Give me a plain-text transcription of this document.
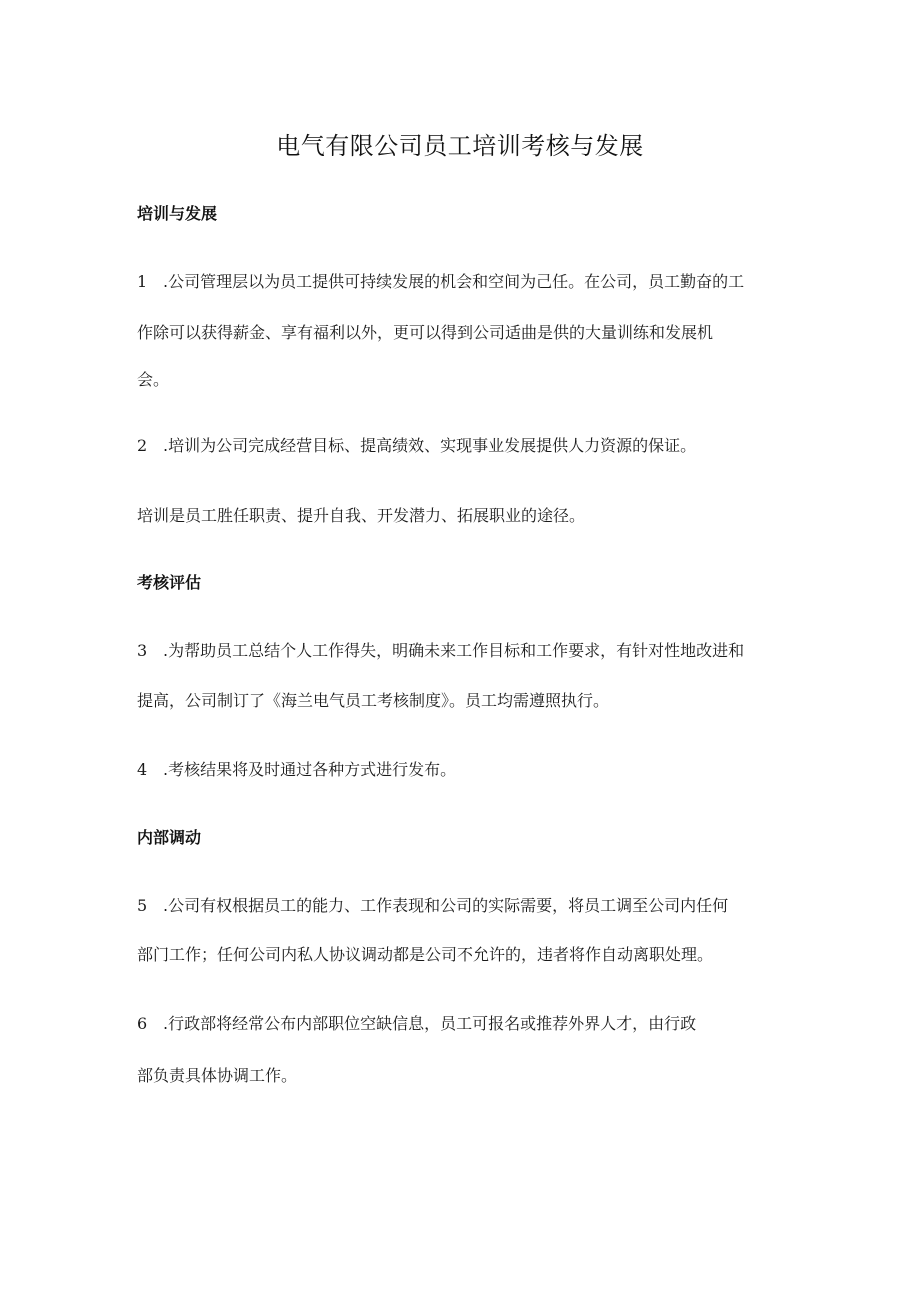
电气有限公司员工培训考核与发展
培训与发展
1 .公司管理层以为员工提供可持续发展的机会和空间为己任。在公司，员工勤奋的工
作除可以获得薪金、享有福利以外，更可以得到公司适曲是供的大量训练和发展机
会。
2 .培训为公司完成经营目标、提高绩效、实现事业发展提供人力资源的保证。
培训是员工胜任职责、提升自我、开发潜力、拓展职业的途径。
考核评估
3 .为帮助员工总结个人工作得失，明确未来工作目标和工作要求，有针对性地改进和
提高，公司制订了《海兰电气员工考核制度》。员工均需遵照执行。
4 .考核结果将及时通过各种方式进行发布。
内部调动
5 .公司有权根据员工的能力、工作表现和公司的实际需要，将员工调至公司内任何
部门工作；任何公司内私人协议调动都是公司不允许的，违者将作自动离职处理。
6 .行政部将经常公布内部职位空缺信息，员工可报名或推荐外界人才，由行政
部负责具体协调工作。
